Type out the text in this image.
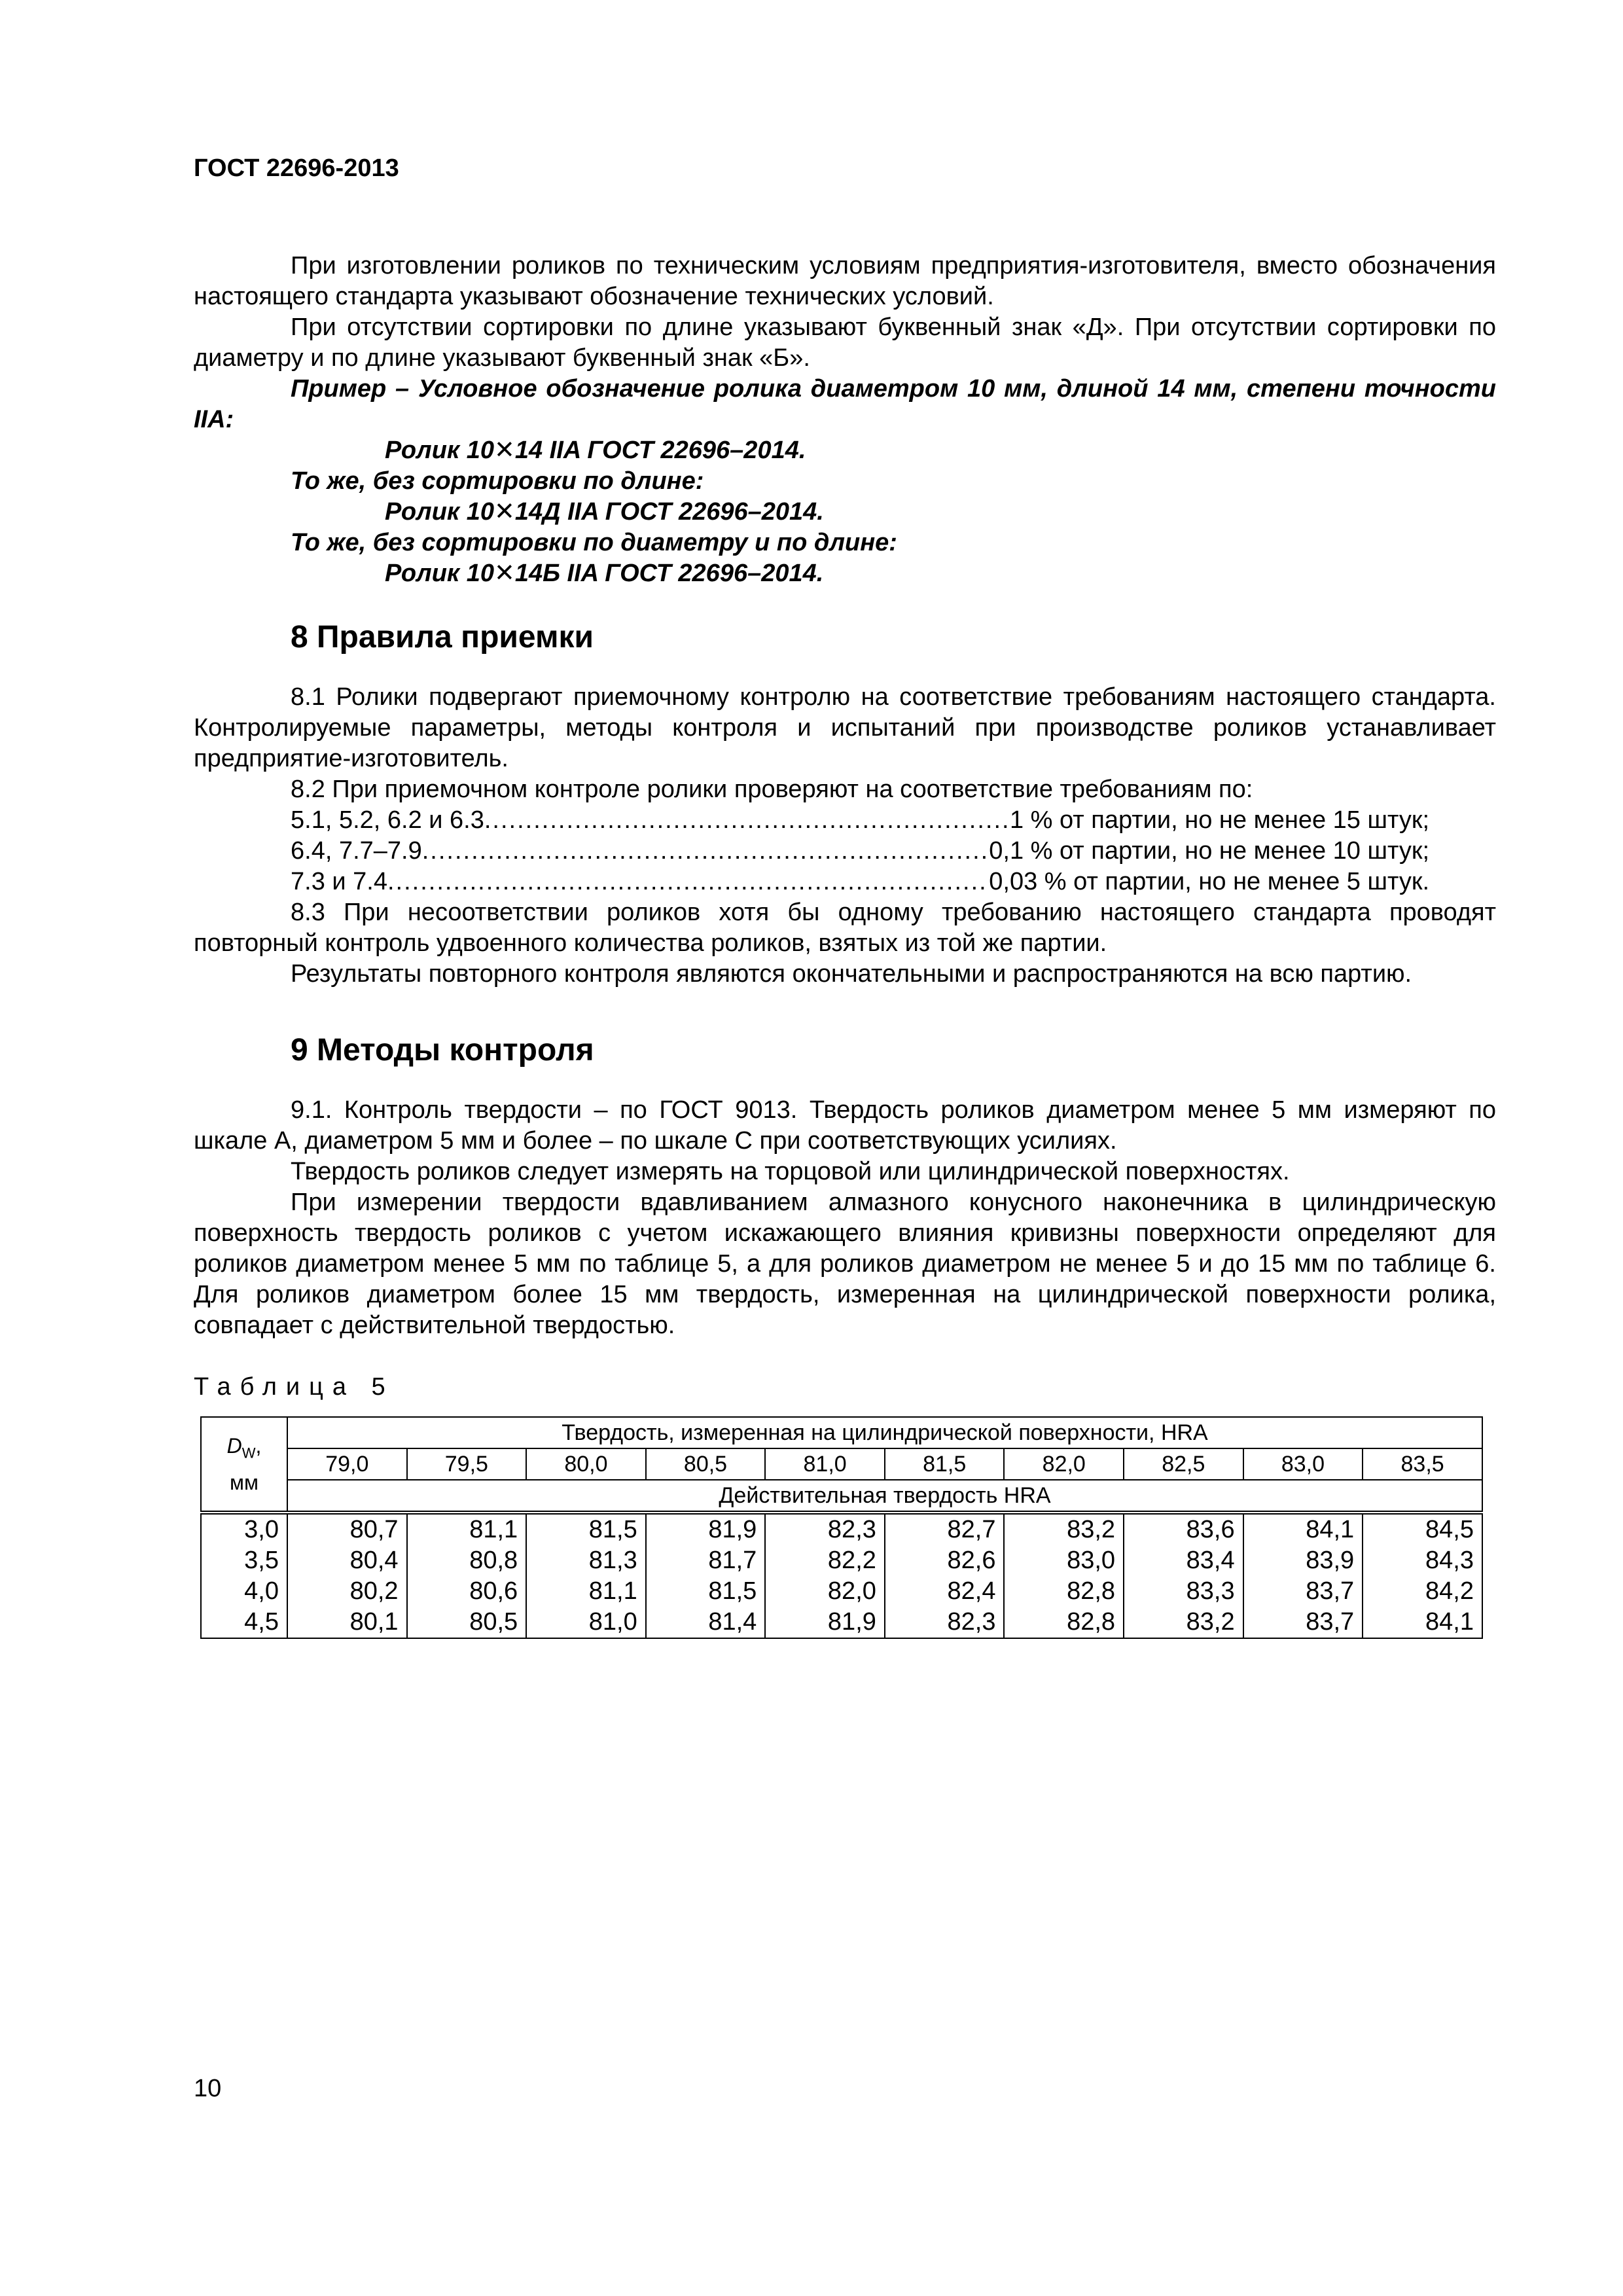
ГОСТ 22696-2013

При изготовлении роликов по техническим условиям предприятия-изготовителя, вместо обозначения настоящего стандарта указывают обозначение технических условий.

При отсутствии сортировки по длине указывают буквенный знак «Д». При отсутствии сортировки по диаметру и по длине указывают буквенный знак «Б».

Пример – Условное обозначение ролика диаметром 10 мм, длиной 14 мм, степени точности IIA:

Ролик 10✕14 IIA ГОСТ 22696–2014.

То же, без сортировки по длине:

Ролик 10✕14Д IIA ГОСТ 22696–2014.

То же, без сортировки по диаметру и по длине:

Ролик 10✕14Б IIA ГОСТ 22696–2014.

8 Правила приемки

8.1 Ролики подвергают приемочному контролю на соответствие требованиям настоящего стандарта. Контролируемые параметры, методы контроля и испытаний при производстве роликов устанавливает предприятие-изготовитель.

8.2 При приемочном контроле ролики проверяют на соответствие требованиям по:

5.1, 5.2, 6.2 и 6.3 .....	1 % от партии, но не менее 15 штук;
6.4, 7.7–7.9 .....	0,1 % от партии, но не менее 10 штук;
7.3 и 7.4 .....	0,03 % от партии, но не менее 5 штук.

8.3 При несоответствии роликов хотя бы одному требованию настоящего стандарта проводят повторный контроль удвоенного количества роликов, взятых из той же партии.

Результаты повторного контроля являются окончательными и распространяются на всю партию.

9 Методы контроля

9.1. Контроль твердости – по ГОСТ 9013. Твердость роликов диаметром менее 5 мм измеряют по шкале А, диаметром 5 мм и более – по шкале С при соответствующих усилиях.

Твердость роликов следует измерять на торцовой или цилиндрической поверхностях.

При измерении твердости вдавливанием алмазного конусного наконечника в цилиндрическую поверхность твердость роликов с учетом искажающего влияния кривизны поверхности определяют для роликов диаметром менее 5 мм по таблице 5, а для роликов диаметром не менее 5 и до 15 мм по таблице 6. Для роликов диаметром более 15 мм твердость, измеренная на цилиндрической поверхности ролика, совпадает с действительной твердостью.

Таблица 5
$D_W$,
мм	Твердость, измеренная на цилиндрической поверхности, HRA									
	79,0	79,5	80,0	80,5	81,0	81,5	82,0	82,5	83,0	83,5
	Действительная твердость HRA									
3,0	80,7	81,1	81,5	81,9	82,3	82,7	83,2	83,6	84,1	84,5
3,5	80,4	80,8	81,3	81,7	82,2	82,6	83,0	83,4	83,9	84,3
4,0	80,2	80,6	81,1	81,5	82,0	82,4	82,8	83,3	83,7	84,2
4,5	80,1	80,5	81,0	81,4	81,9	82,3	82,8	83,2	83,7	84,1
10
